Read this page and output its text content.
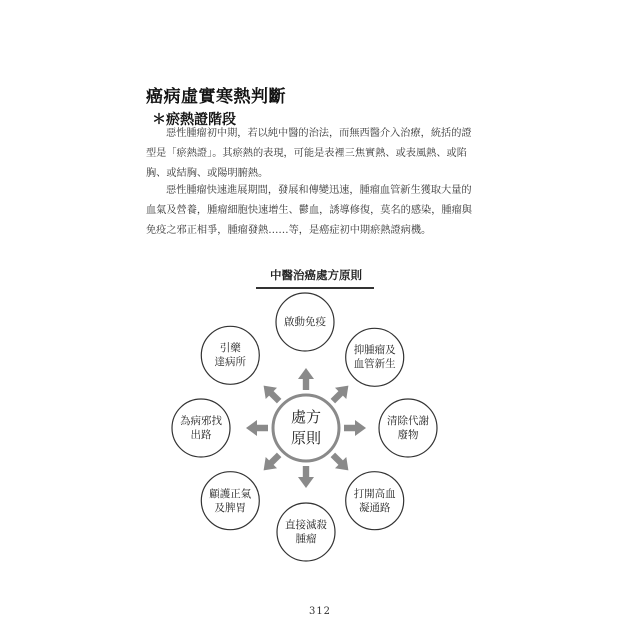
癌病虛實寒熱判斷
＊瘀熱證階段
惡性腫瘤初中期，若以純中醫的治法，而無西醫介入治療，統括的證
型是「瘀熱證」。其瘀熱的表現，可能是表裡三焦實熱、或表風熱、或陷
胸、或結胸、或陽明腑熱。
惡性腫瘤快速進展期間，發展和傳變迅速，腫瘤血管新生獲取大量的
血氣及營養，腫瘤細胞快速增生、鬱血，誘導修復，莫名的感染，腫瘤與
免疫之邪正相爭，腫瘤發熱……等，是癌症初中期瘀熱證病機。
中醫治癌處方原則
處方
原則
啟動免疫
抑腫瘤及
血管新生
清除代謝
廢物
打開高血
凝通路
直接滅殺
腫瘤
顧護正氣
及脾胃
為病邪找
出路
引藥
達病所
312
